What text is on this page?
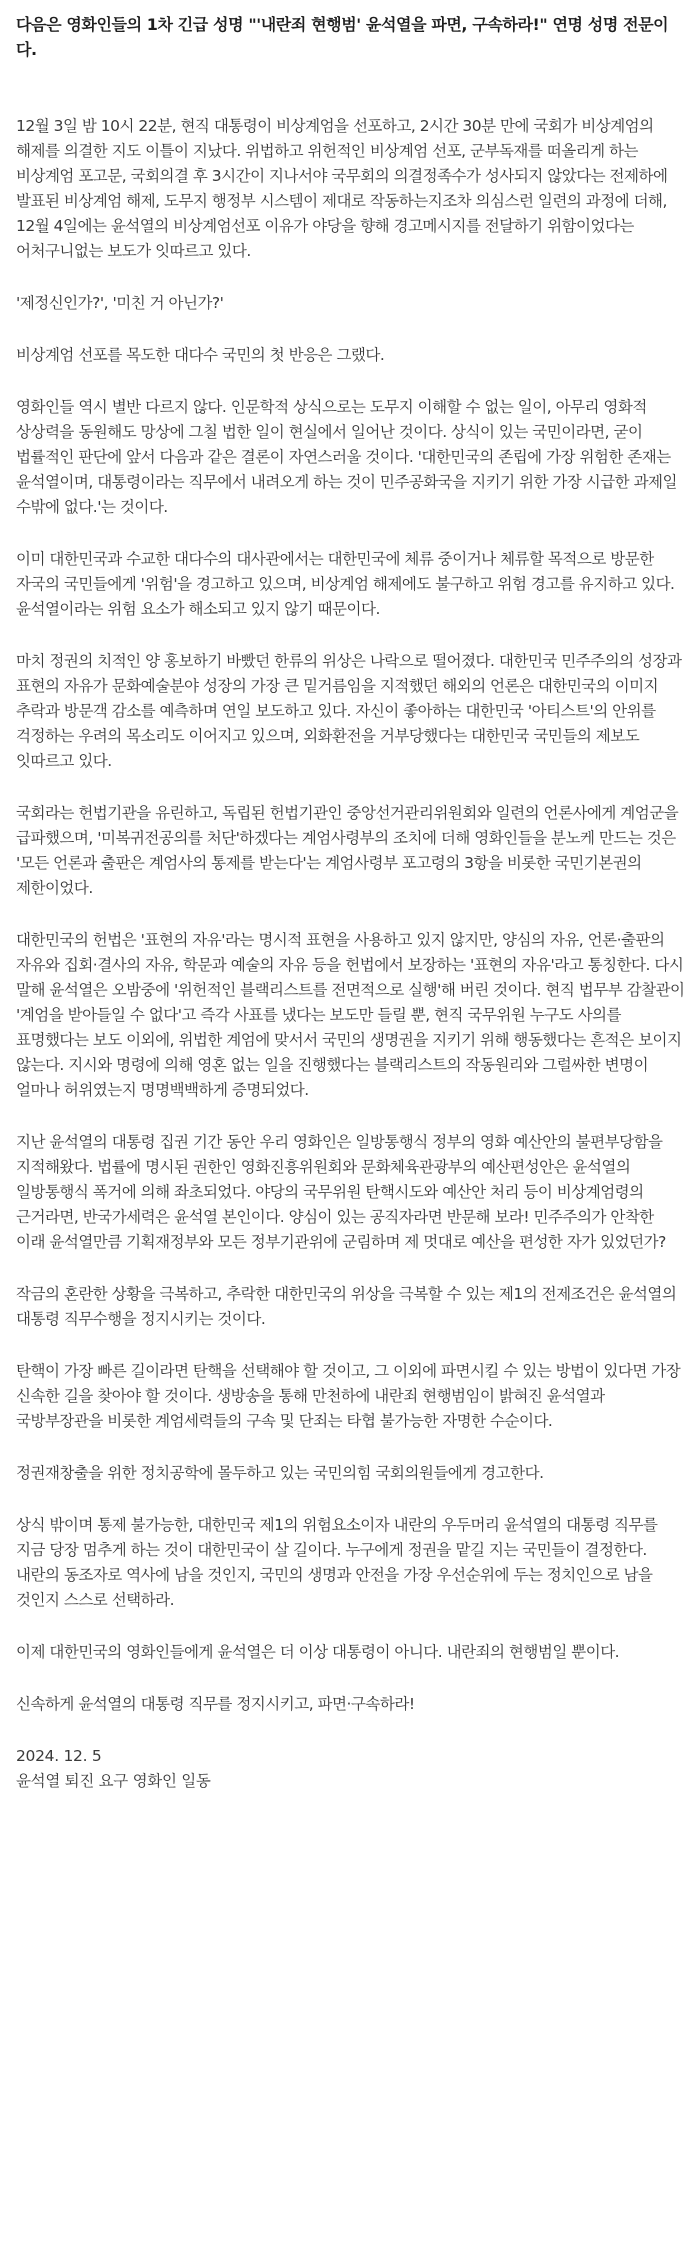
다음은 영화인들의 1차 긴급 성명 "'내란죄 현행범' 윤석열을 파면, 구속하라!" 연명 성명 전문이다.

12월 3일 밤 10시 22분, 현직 대통령이 비상계엄을 선포하고, 2시간 30분 만에 국회가 비상계엄의 해제를 의결한 지도 이틀이 지났다. 위법하고 위헌적인 비상계엄 선포, 군부독재를 떠올리게 하는 비상계엄 포고문, 국회의결 후 3시간이 지나서야 국무회의 의결정족수가 성사되지 않았다는 전제하에 발표된 비상계엄 해제, 도무지 행정부 시스템이 제대로 작동하는지조차 의심스런 일련의 과정에 더해, 12월 4일에는 윤석열의 비상계엄선포 이유가 야당을 향해 경고메시지를 전달하기 위함이었다는 어처구니없는 보도가 잇따르고 있다.

'제정신인가?', '미친 거 아닌가?'

비상계엄 선포를 목도한 대다수 국민의 첫 반응은 그랬다.

영화인들 역시 별반 다르지 않다. 인문학적 상식으로는 도무지 이해할 수 없는 일이, 아무리 영화적 상상력을 동원해도 망상에 그칠 법한 일이 현실에서 일어난 것이다. 상식이 있는 국민이라면, 굳이 법률적인 판단에 앞서 다음과 같은 결론이 자연스러울 것이다. '대한민국의 존립에 가장 위험한 존재는 윤석열이며, 대통령이라는 직무에서 내려오게 하는 것이 민주공화국을 지키기 위한 가장 시급한 과제일 수밖에 없다.'는 것이다.

이미 대한민국과 수교한 대다수의 대사관에서는 대한민국에 체류 중이거나 체류할 목적으로 방문한 자국의 국민들에게 '위험'을 경고하고 있으며, 비상계엄 해제에도 불구하고 위험 경고를 유지하고 있다. 윤석열이라는 위험 요소가 해소되고 있지 않기 때문이다.

마치 정권의 치적인 양 홍보하기 바빴던 한류의 위상은 나락으로 떨어졌다. 대한민국 민주주의의 성장과 표현의 자유가 문화예술분야 성장의 가장 큰 밑거름임을 지적했던 해외의 언론은 대한민국의 이미지 추락과 방문객 감소를 예측하며 연일 보도하고 있다. 자신이 좋아하는 대한민국 '아티스트'의 안위를 걱정하는 우려의 목소리도 이어지고 있으며, 외화환전을 거부당했다는 대한민국 국민들의 제보도 잇따르고 있다.

국회라는 헌법기관을 유린하고, 독립된 헌법기관인 중앙선거관리위원회와 일련의 언론사에게 계엄군을 급파했으며, '미복귀전공의를 처단'하겠다는 계엄사령부의 조치에 더해 영화인들을 분노케 만드는 것은 '모든 언론과 출판은 계엄사의 통제를 받는다'는 계엄사령부 포고령의 3항을 비롯한 국민기본권의 제한이었다.

대한민국의 헌법은 '표현의 자유'라는 명시적 표현을 사용하고 있지 않지만, 양심의 자유, 언론·출판의 자유와 집회·결사의 자유, 학문과 예술의 자유 등을 헌법에서 보장하는 '표현의 자유'라고 통칭한다. 다시 말해 윤석열은 오밤중에 '위헌적인 블랙리스트를 전면적으로 실행'해 버린 것이다. 현직 법무부 감찰관이 '계엄을 받아들일 수 없다'고 즉각 사표를 냈다는 보도만 들릴 뿐, 현직 국무위원 누구도 사의를 표명했다는 보도 이외에, 위법한 계엄에 맞서서 국민의 생명권을 지키기 위해 행동했다는 흔적은 보이지 않는다. 지시와 명령에 의해 영혼 없는 일을 진행했다는 블랙리스트의 작동원리와 그럴싸한 변명이 얼마나 허위였는지 명명백백하게 증명되었다.

지난 윤석열의 대통령 집권 기간 동안 우리 영화인은 일방통행식 정부의 영화 예산안의 불편부당함을 지적해왔다. 법률에 명시된 권한인 영화진흥위원회와 문화체육관광부의 예산편성안은 윤석열의 일방통행식 폭거에 의해 좌초되었다. 야당의 국무위원 탄핵시도와 예산안 처리 등이 비상계엄령의 근거라면, 반국가세력은 윤석열 본인이다. 양심이 있는 공직자라면 반문해 보라! 민주주의가 안착한 이래 윤석열만큼 기획재정부와 모든 정부기관위에 군림하며 제 멋대로 예산을 편성한 자가 있었던가?

작금의 혼란한 상황을 극복하고, 추락한 대한민국의 위상을 극복할 수 있는 제1의 전제조건은 윤석열의 대통령 직무수행을 정지시키는 것이다.

탄핵이 가장 빠른 길이라면 탄핵을 선택해야 할 것이고, 그 이외에 파면시킬 수 있는 방법이 있다면 가장 신속한 길을 찾아야 할 것이다. 생방송을 통해 만천하에 내란죄 현행범임이 밝혀진 윤석열과 국방부장관을 비롯한 계엄세력들의 구속 및 단죄는 타협 불가능한 자명한 수순이다.

정권재창출을 위한 정치공학에 몰두하고 있는 국민의힘 국회의원들에게 경고한다.

상식 밖이며 통제 불가능한, 대한민국 제1의 위험요소이자 내란의 우두머리 윤석열의 대통령 직무를 지금 당장 멈추게 하는 것이 대한민국이 살 길이다. 누구에게 정권을 맡길 지는 국민들이 결정한다. 내란의 동조자로 역사에 남을 것인지, 국민의 생명과 안전을 가장 우선순위에 두는 정치인으로 남을 것인지 스스로 선택하라.

이제 대한민국의 영화인들에게 윤석열은 더 이상 대통령이 아니다. 내란죄의 현행범일 뿐이다.

신속하게 윤석열의 대통령 직무를 정지시키고, 파면·구속하라!

2024. 12. 5
윤석열 퇴진 요구 영화인 일동
